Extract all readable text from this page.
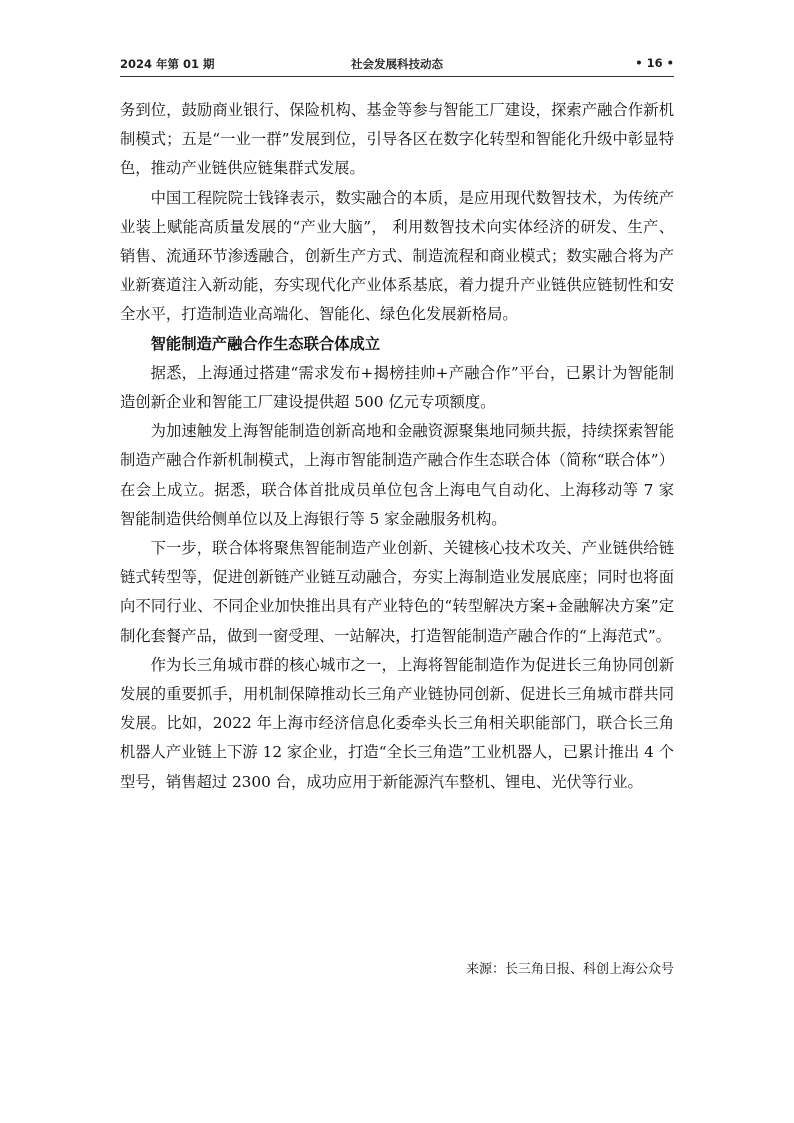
2024 年第 01 期	社会发展科技动态	• 16 •

务到位，鼓励商业银行、保险机构、基金等参与智能工厂建设，探索产融合作新机制模式；五是“一业一群”发展到位，引导各区在数字化转型和智能化升级中彰显特色，推动产业链供应链集群式发展。

中国工程院院士钱锋表示，数实融合的本质，是应用现代数智技术，为传统产业装上赋能高质量发展的“产业大脑”， 利用数智技术向实体经济的研发、生产、销售、流通环节渗透融合，创新生产方式、制造流程和商业模式；数实融合将为产业新赛道注入新动能，夯实现代化产业体系基底，着力提升产业链供应链韧性和安全水平，打造制造业高端化、智能化、绿色化发展新格局。

智能制造产融合作生态联合体成立

据悉，上海通过搭建“需求发布+揭榜挂帅+产融合作”平台，已累计为智能制造创新企业和智能工厂建设提供超 500 亿元专项额度。

为加速触发上海智能制造创新高地和金融资源聚集地同频共振，持续探索智能制造产融合作新机制模式，上海市智能制造产融合作生态联合体（简称“联合体”）在会上成立。据悉，联合体首批成员单位包含上海电气自动化、上海移动等 7 家智能制造供给侧单位以及上海银行等 5 家金融服务机构。

下一步，联合体将聚焦智能制造产业创新、关键核心技术攻关、产业链供给链链式转型等，促进创新链产业链互动融合，夯实上海制造业发展底座；同时也将面向不同行业、不同企业加快推出具有产业特色的“转型解决方案+金融解决方案”定制化套餐产品，做到一窗受理、一站解决，打造智能制造产融合作的“上海范式”。

作为长三角城市群的核心城市之一，上海将智能制造作为促进长三角协同创新发展的重要抓手，用机制保障推动长三角产业链协同创新、促进长三角城市群共同发展。比如，2022 年上海市经济信息化委牵头长三角相关职能部门，联合长三角机器人产业链上下游 12 家企业，打造“全长三角造”工业机器人，已累计推出 4 个型号，销售超过 2300 台，成功应用于新能源汽车整机、锂电、光伏等行业。

来源：长三角日报、科创上海公众号
